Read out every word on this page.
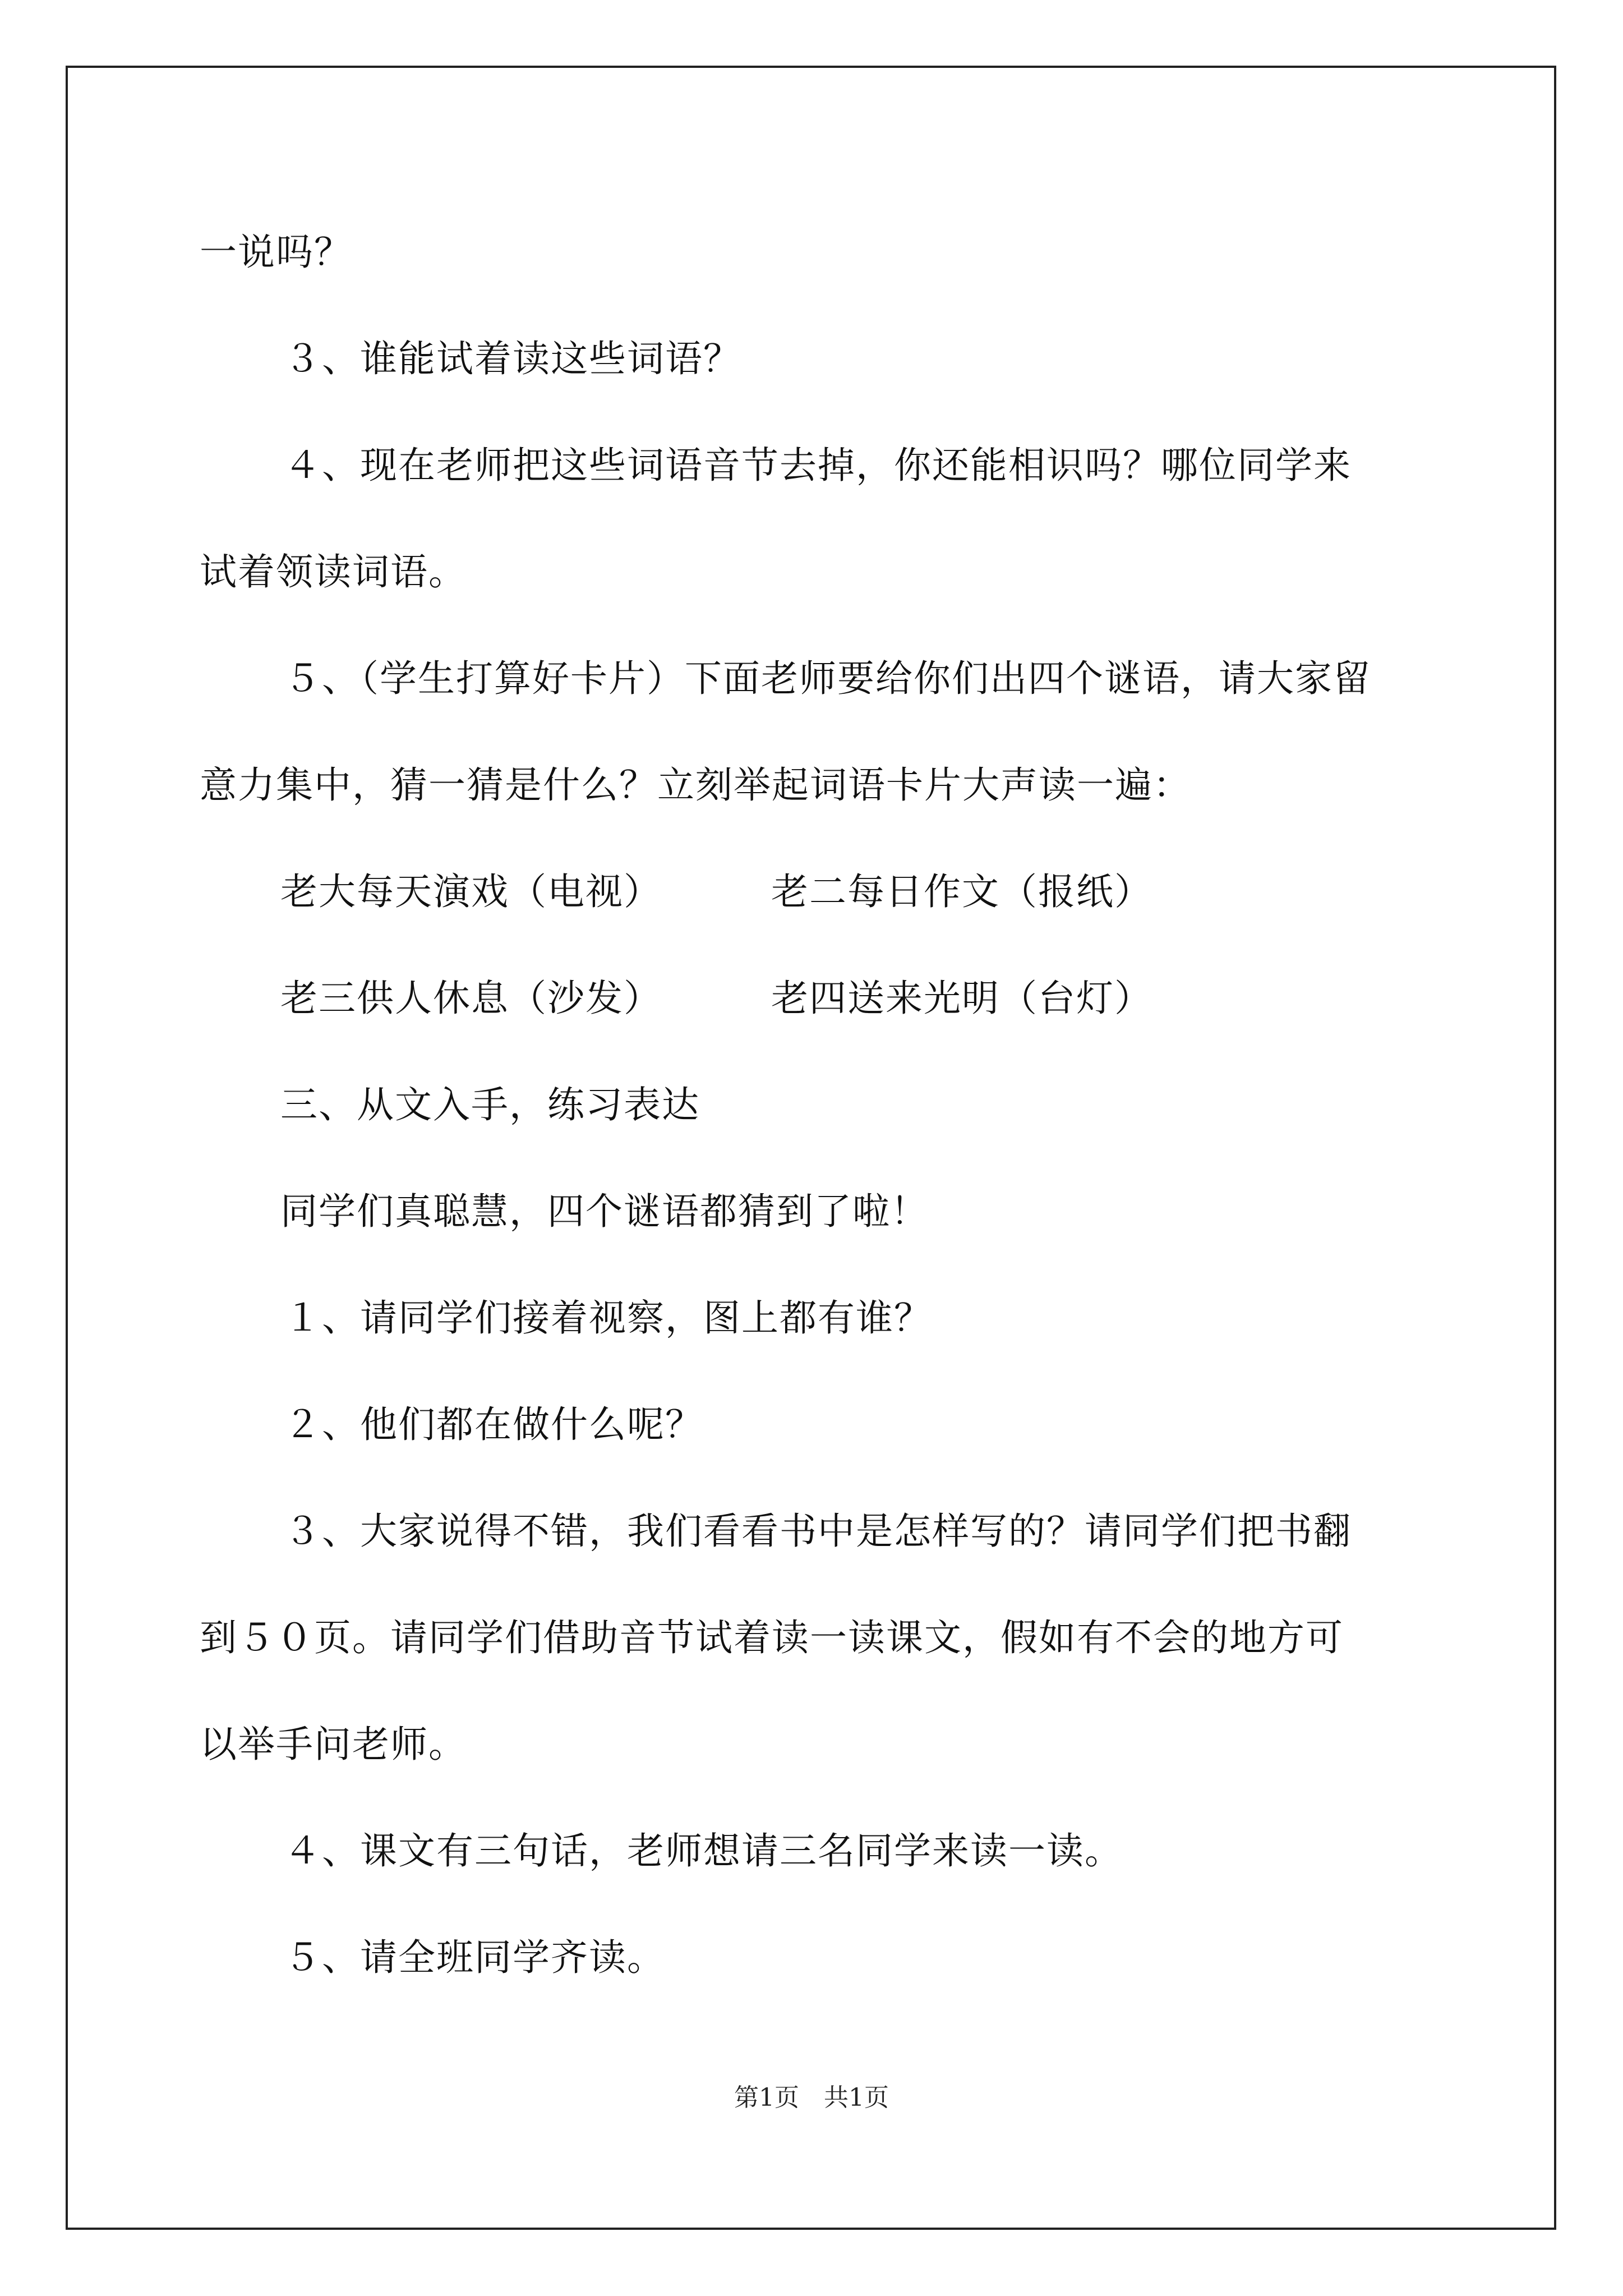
一说吗？
３、谁能试着读这些词语？
４、现在老师把这些词语音节去掉，你还能相识吗？哪位同学来
试着领读词语。
５、（学生打算好卡片）下面老师要给你们出四个谜语，请大家留
意力集中，猜一猜是什么？立刻举起词语卡片大声读一遍：
老大每天演戏（电视）	老二每日作文（报纸）
老三供人休息（沙发）	老四送来光明（台灯）
三、从文入手，练习表达
同学们真聪慧，四个谜语都猜到了啦！
１、请同学们接着视察，图上都有谁？
２、他们都在做什么呢？
３、大家说得不错，我们看看书中是怎样写的？请同学们把书翻
到５０页。请同学们借助音节试着读一读课文，假如有不会的地方可
以举手问老师。
４、课文有三句话，老师想请三名同学来读一读。
５、请全班同学齐读。
第1页　共1页
